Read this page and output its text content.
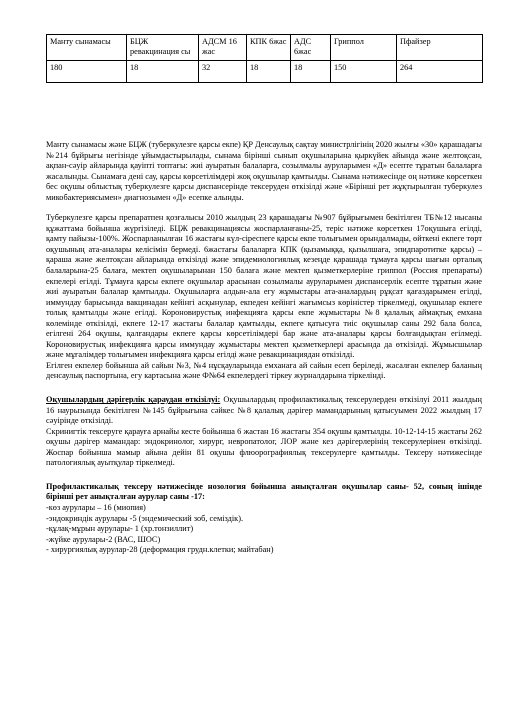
Манту сынамасы	БЦЖ ревакцинация сы	АДСМ 16 жас	КПК 6жас	АДС 6жас	Гриппол	Пфайзер
180	18	32	18	18	150	264

Манту сынамасы және БЦЖ (туберкулезге қарсы екпе) ҚР Денсаулық сақтау министрлігінің 2020 жылғы «30» қарашадағы №214 бұйрығы негізінде ұйымдастырылады, сынама бірінші сынып оқушыларына қыркүйек айында және желтоқсан, ақпан-сәуір айларында қауіпті топтағы: жиі ауыратын балаларға, созылмалы ауруларымен «Д» есепте тұратын балаларға жасалынды. Сынамаға дені сау, қарсы көрсетілімдері жоқ оқушылар қамтылды. Сынама нәтижесінде оң нәтиже көрсеткен бес оқушы облыстық туберкулезге қарсы диспансерінде тексеруден өткізілді және «Бірінші рет жұқтырылған туберкулез микобактериясымен» диагнозымен «Д» есепке алынды.

Туберкулезге қарсы препаратпен қозғалысы 2010 жылдың 23 қарашадағы №907 бұйрығымен бекітілген ТБ№12 нысаны құжаттама бойынша жүргізіледі. БЦЖ ревакцинациясы жоспарланғаны-25, теріс нәтиже көрсеткен 17оқушыға егілді, қамту пайызы-100%. Жоспарланылған 16 жастағы күл-сіреспеге қарсы екпе толығымен орындалмады, өйткені екпеге төрт оқушының ата-аналары келісімін бермеді. 6жастағы балаларға КПК (қызамыққа, қызылшаға, эпидпаротитке қарсы) – қараша және желтоқсан айларында өткізілді және эпидемиологиялық кезеңде қарашада тұмауға қарсы шағын орталық балаларына-25 балаға, мектеп оқушыларынан 150 балаға және мектеп қызметкерлеріне гриппол (Россия препараты) екпелері егілді. Тұмауға қарсы екпеге оқушылар арасынан созылмалы ауруларымен диспансерлік есепте тұратын және жиі ауыратын балалар қамтылды. Оқушыларға алдын-ала егу жұмыстары ата-аналардың рұқсат қағаздарымен егілді, иммундау барысында вакцинадан кейінгі асқынулар, екпеден кейінгі жағымсыз көріністер тіркелмеді, оқушылар екпеге толық қамтылды және егілді. Короновирустық инфекцияға қарсы екпе жұмыстары №8 қалалық аймақтық емхана көлемінде өткізілді, екпеге 12-17 жастағы балалар қамтылды, екпеге қатысуға тиіс оқушылар саны 292 бала болса, егілгені 264 оқушы, қалғандары екпеге қарсы көрсетілімдері бар және ата-аналары қарсы болғандықтан егілмеді. Короновирустық инфекцияға қарсы иммундау жұмыстары мектеп қызметкерлері арасында да өткізілді. Жұмысшылар және мұғалімдер толығымен инфекцияға қарсы егілді және ревакцинациядан өткізілді.

Егілген екпелер бойынша ай сайын №3, №4 нұсқауларында емханаға ай сайын есеп беріледі, жасалған екпелер баланың денсаулық паспортына, егу картасына және Ф№64 екпелердегі тіркеу журналдарына тіркелінді.

Оқушылардың дәрігерлік қараудан өткізілуі: Оқушылардың профилактикалық тексерулерден өткізілуі 2011 жылдың 16 наурызында бекітілген №145 бұйрығына сәйкес №8 қалалық дәрігер мамандарының қатысуымен 2022 жылдың 17 сәуірінде өткізілді.

Скринигтік тексеруге қарауға арнайы кесте бойынша 6 жастан 16 жастағы 354 оқушы қамтылды. 10-12-14-15 жастағы 262 оқушы дәрігер мамандар: эндокринолог, хирург, невропатолог, ЛОР және кез дәрігерлерінің тексерулерінен өткізілді. Жоспар бойынша мамыр айына дейін 81 оқушы флюорографиялық тексерулерге қамтылды. Тексеру нәтижесінде патологиялық ауытқулар тіркелмеді.

Профилактикалық тексеру нәтижесінде нозология бойынша анықталған оқушылар саны- 52, соның ішінде бірінші рет анықталған аурулар саны -17:

-көз аурулары – 16 (миопия)

-эндокриндік аурулары -5 (эндемический зоб, семіздік).

-құлақ-мұрын аурулары- 1 (хр.тонзиллит)

-жүйке аурулары-2 (ВАС, ШОС)

- хирургиялық аурулар-28 (деформация грудн.клетки; майтабан)
